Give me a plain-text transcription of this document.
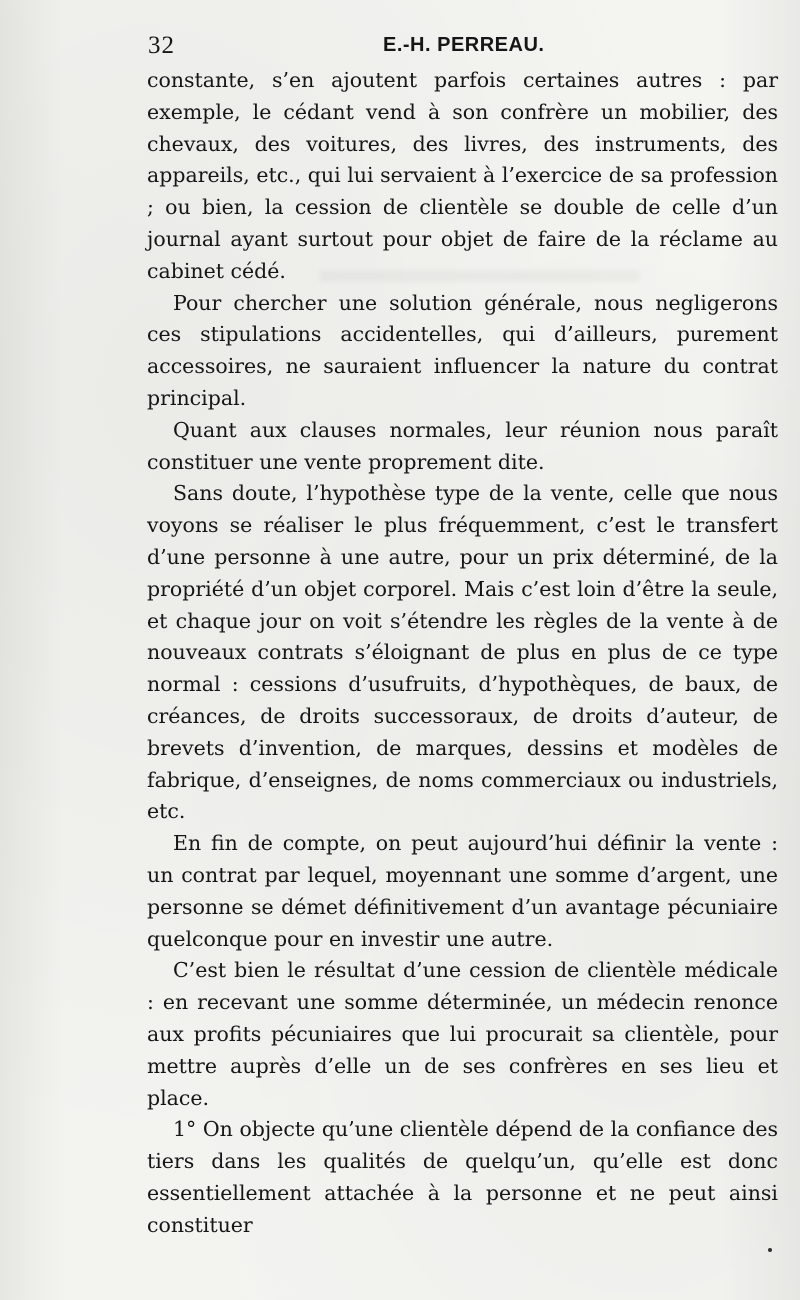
32	E.-H. PERREAU.

constante, s’en ajoutent parfois certaines autres : par exemple, le cédant vend à son confrère un mobilier, des chevaux, des voitures, des livres, des instruments, des appareils, etc., qui lui servaient à l’exercice de sa profession ; ou bien, la cession de clientèle se double de celle d’un journal ayant surtout pour objet de faire de la réclame au cabinet cédé.

Pour chercher une solution générale, nous negligerons ces stipulations accidentelles, qui d’ailleurs, purement accessoires, ne sauraient influencer la nature du contrat principal.

Quant aux clauses normales, leur réunion nous paraît constituer une vente proprement dite.

Sans doute, l’hypothèse type de la vente, celle que nous voyons se réaliser le plus fréquemment, c’est le transfert d’une personne à une autre, pour un prix déterminé, de la propriété d’un objet corporel. Mais c’est loin d’être la seule, et chaque jour on voit s’étendre les règles de la vente à de nouveaux contrats s’éloignant de plus en plus de ce type normal : cessions d’usufruits, d’hypothèques, de baux, de créances, de droits successoraux, de droits d’auteur, de brevets d’invention, de marques, dessins et modèles de fabrique, d’enseignes, de noms commerciaux ou industriels, etc.

En fin de compte, on peut aujourd’hui définir la vente : un contrat par lequel, moyennant une somme d’argent, une personne se démet définitivement d’un avantage pécuniaire quelconque pour en investir une autre.

C’est bien le résultat d’une cession de clientèle médicale : en recevant une somme déterminée, un médecin renonce aux profits pécuniaires que lui procurait sa clientèle, pour mettre auprès d’elle un de ses confrères en ses lieu et place.

1° On objecte qu’une clientèle dépend de la confiance des tiers dans les qualités de quelqu’un, qu’elle est donc essentiellement attachée à la personne et ne peut ainsi constituer
